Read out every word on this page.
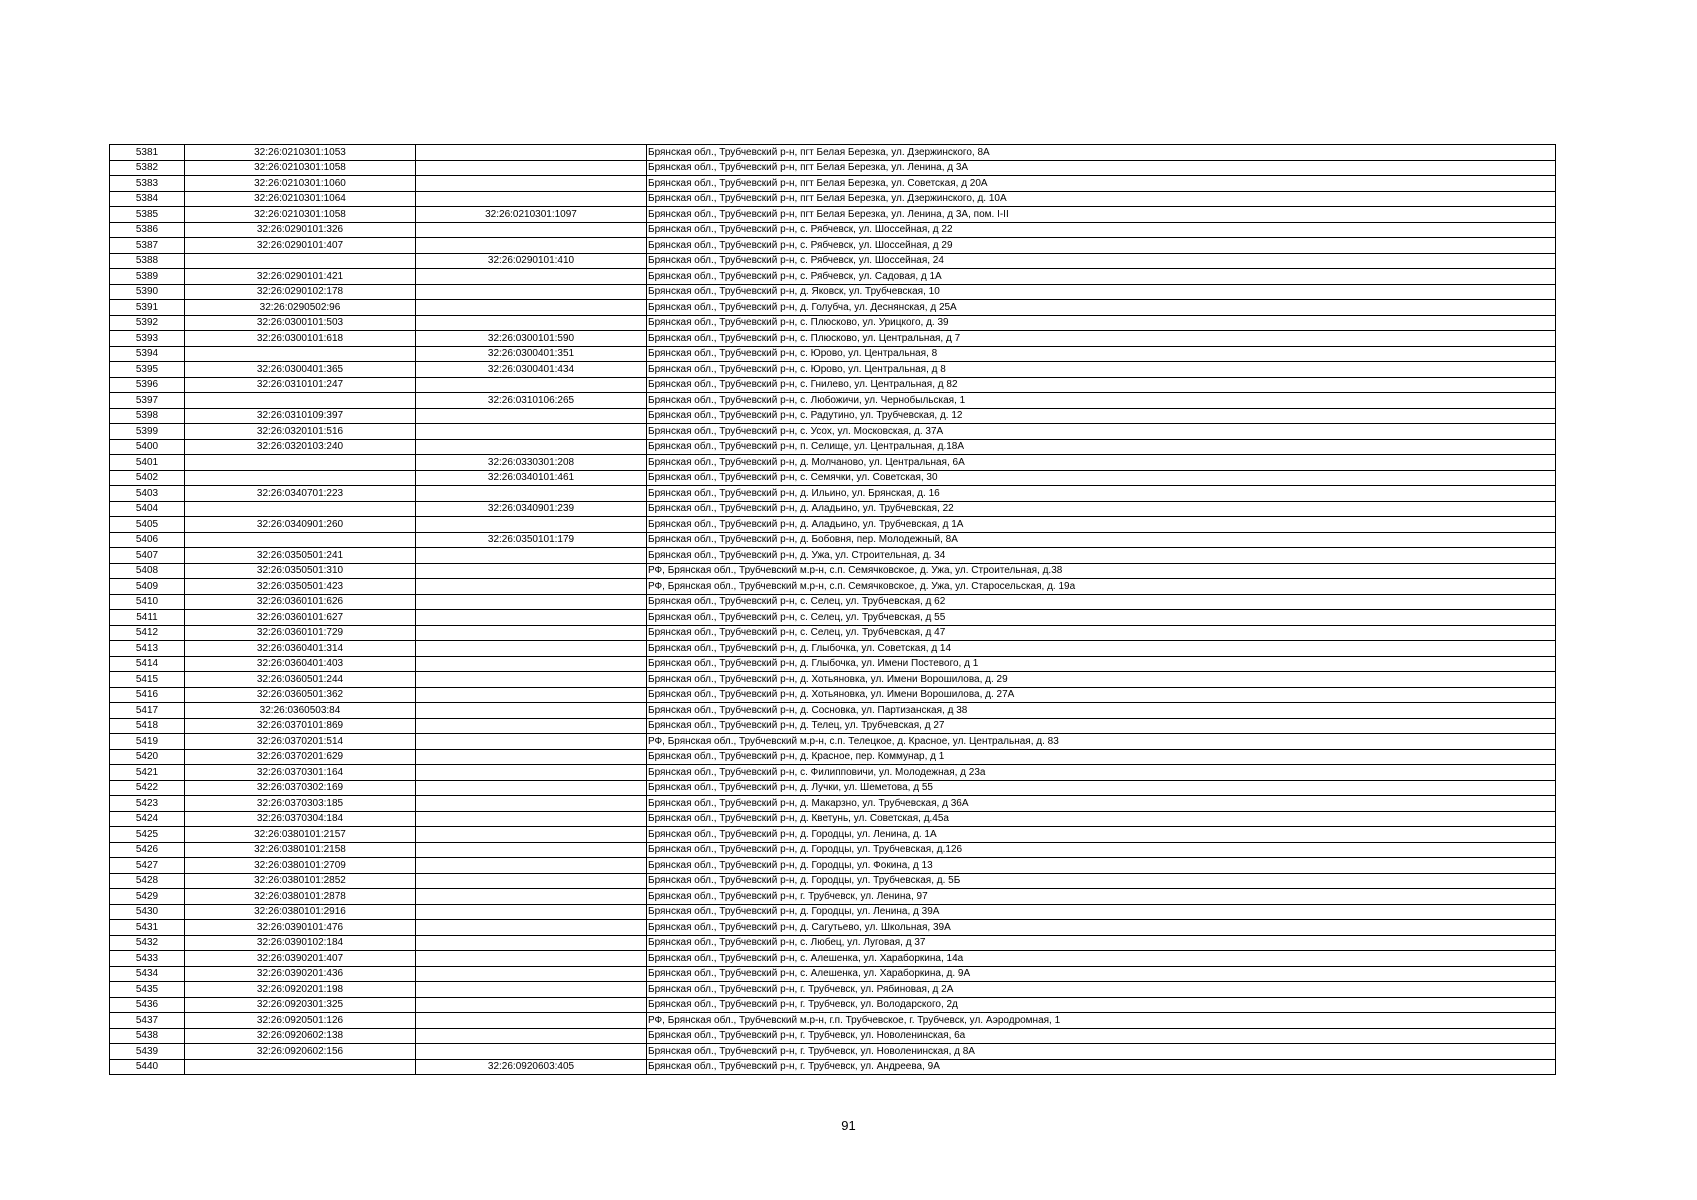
5381	32:26:0210301:1053		Брянская обл., Трубчевский р-н, пгт Белая Березка, ул. Дзержинского, 8А
5382	32:26:0210301:1058		Брянская обл., Трубчевский р-н, пгт Белая Березка, ул. Ленина, д 3А
5383	32:26:0210301:1060		Брянская обл., Трубчевский р-н, пгт Белая Березка, ул. Советская, д 20А
5384	32:26:0210301:1064		Брянская обл., Трубчевский р-н, пгт Белая Березка, ул. Дзержинского, д. 10А
5385	32:26:0210301:1058	32:26:0210301:1097	Брянская обл., Трубчевский р-н, пгт Белая Березка, ул. Ленина, д 3А, пом. I-II
5386	32:26:0290101:326		Брянская обл., Трубчевский р-н, с. Рябчевск, ул. Шоссейная, д 22
5387	32:26:0290101:407		Брянская обл., Трубчевский р-н, с. Рябчевск, ул. Шоссейная, д 29
5388		32:26:0290101:410	Брянская обл., Трубчевский р-н, с. Рябчевск, ул. Шоссейная, 24
5389	32:26:0290101:421		Брянская обл., Трубчевский р-н, с. Рябчевск, ул. Садовая, д 1А
5390	32:26:0290102:178		Брянская обл., Трубчевский р-н, д. Яковск, ул. Трубчевская, 10
5391	32:26:0290502:96		Брянская обл., Трубчевский р-н, д. Голубча, ул. Деснянская, д 25А
5392	32:26:0300101:503		Брянская обл., Трубчевский р-н, с. Плюсково, ул. Урицкого, д. 39
5393	32:26:0300101:618	32:26:0300101:590	Брянская обл., Трубчевский р-н, с. Плюсково, ул. Центральная, д 7
5394		32:26:0300401:351	Брянская обл., Трубчевский р-н, с. Юрово, ул. Центральная, 8
5395	32:26:0300401:365	32:26:0300401:434	Брянская обл., Трубчевский р-н, с. Юрово, ул. Центральная, д 8
5396	32:26:0310101:247		Брянская обл., Трубчевский р-н, с. Гнилево, ул. Центральная, д 82
5397		32:26:0310106:265	Брянская обл., Трубчевский р-н, с. Любожичи, ул. Чернобыльская, 1
5398	32:26:0310109:397		Брянская обл., Трубчевский р-н, с. Радутино, ул. Трубчевская, д. 12
5399	32:26:0320101:516		Брянская обл., Трубчевский р-н, с. Усох, ул. Московская, д. 37А
5400	32:26:0320103:240		Брянская обл., Трубчевский р-н, п. Селище, ул. Центральная, д.18А
5401		32:26:0330301:208	Брянская обл., Трубчевский р-н, д. Молчаново, ул. Центральная, 6А
5402		32:26:0340101:461	Брянская обл., Трубчевский р-н, с. Семячки, ул. Советская, 30
5403	32:26:0340701:223		Брянская обл., Трубчевский р-н, д. Ильино, ул. Брянская, д. 16
5404		32:26:0340901:239	Брянская обл., Трубчевский р-н, д. Аладьино, ул. Трубчевская, 22
5405	32:26:0340901:260		Брянская обл., Трубчевский р-н, д. Аладьино, ул. Трубчевская, д 1А
5406		32:26:0350101:179	Брянская обл., Трубчевский р-н, д. Бобовня, пер. Молодежный, 8А
5407	32:26:0350501:241		Брянская обл., Трубчевский р-н, д. Ужа, ул. Строительная, д. 34
5408	32:26:0350501:310		РФ, Брянская обл., Трубчевский м.р-н, с.п. Семячковское, д. Ужа, ул. Строительная, д.38
5409	32:26:0350501:423		РФ, Брянская обл., Трубчевский м.р-н, с.п. Семячковское, д. Ужа, ул. Старосельская, д. 19а
5410	32:26:0360101:626		Брянская обл., Трубчевский р-н, с. Селец, ул. Трубчевская, д 62
5411	32:26:0360101:627		Брянская обл., Трубчевский р-н, с. Селец, ул. Трубчевская, д 55
5412	32:26:0360101:729		Брянская обл., Трубчевский р-н, с. Селец, ул. Трубчевская, д 47
5413	32:26:0360401:314		Брянская обл., Трубчевский р-н, д. Глыбочка, ул. Советская, д 14
5414	32:26:0360401:403		Брянская обл., Трубчевский р-н, д. Глыбочка, ул. Имени Постевого, д 1
5415	32:26:0360501:244		Брянская обл., Трубчевский р-н, д. Хотьяновка, ул. Имени Ворошилова, д. 29
5416	32:26:0360501:362		Брянская обл., Трубчевский р-н, д. Хотьяновка, ул. Имени Ворошилова, д. 27А
5417	32:26:0360503:84		Брянская обл., Трубчевский р-н, д. Сосновка, ул. Партизанская, д 38
5418	32:26:0370101:869		Брянская обл., Трубчевский р-н, д. Телец, ул. Трубчевская, д 27
5419	32:26:0370201:514		РФ, Брянская обл., Трубчевский м.р-н, с.п. Телецкое, д. Красное, ул. Центральная, д. 83
5420	32:26:0370201:629		Брянская обл., Трубчевский р-н, д. Красное, пер. Коммунар, д 1
5421	32:26:0370301:164		Брянская обл., Трубчевский р-н, с. Филипповичи, ул. Молодежная, д 23а
5422	32:26:0370302:169		Брянская обл., Трубчевский р-н, д. Лучки, ул. Шеметова, д 55
5423	32:26:0370303:185		Брянская обл., Трубчевский р-н, д. Макарзно, ул. Трубчевская, д 36А
5424	32:26:0370304:184		Брянская обл., Трубчевский р-н, д. Кветунь, ул. Советская, д.45а
5425	32:26:0380101:2157		Брянская обл., Трубчевский р-н, д. Городцы, ул. Ленина, д. 1А
5426	32:26:0380101:2158		Брянская обл., Трубчевский р-н, д. Городцы, ул. Трубчевская, д.126
5427	32:26:0380101:2709		Брянская обл., Трубчевский р-н, д. Городцы, ул. Фокина, д 13
5428	32:26:0380101:2852		Брянская обл., Трубчевский р-н, д. Городцы, ул. Трубчевская, д. 5Б
5429	32:26:0380101:2878		Брянская обл., Трубчевский р-н, г. Трубчевск, ул. Ленина, 97
5430	32:26:0380101:2916		Брянская обл., Трубчевский р-н, д. Городцы, ул. Ленина, д 39А
5431	32:26:0390101:476		Брянская обл., Трубчевский р-н, д. Сагутьево, ул. Школьная, 39А
5432	32:26:0390102:184		Брянская обл., Трубчевский р-н, с. Любец, ул. Луговая, д 37
5433	32:26:0390201:407		Брянская обл., Трубчевский р-н, с. Алешенка, ул. Хараборкина, 14а
5434	32:26:0390201:436		Брянская обл., Трубчевский р-н, с. Алешенка, ул. Хараборкина, д. 9А
5435	32:26:0920201:198		Брянская обл., Трубчевский р-н, г. Трубчевск, ул. Рябиновая, д 2А
5436	32:26:0920301:325		Брянская обл., Трубчевский р-н, г. Трубчевск, ул. Володарского, 2д
5437	32:26:0920501:126		РФ, Брянская обл., Трубчевский м.р-н, г.п. Трубчевское, г. Трубчевск, ул. Аэродромная, 1
5438	32:26:0920602:138		Брянская обл., Трубчевский р-н, г. Трубчевск, ул. Новоленинская, 6а
5439	32:26:0920602:156		Брянская обл., Трубчевский р-н, г. Трубчевск, ул. Новоленинская, д 8А
5440		32:26:0920603:405	Брянская обл., Трубчевский р-н, г. Трубчевск, ул. Андреева, 9А
91
